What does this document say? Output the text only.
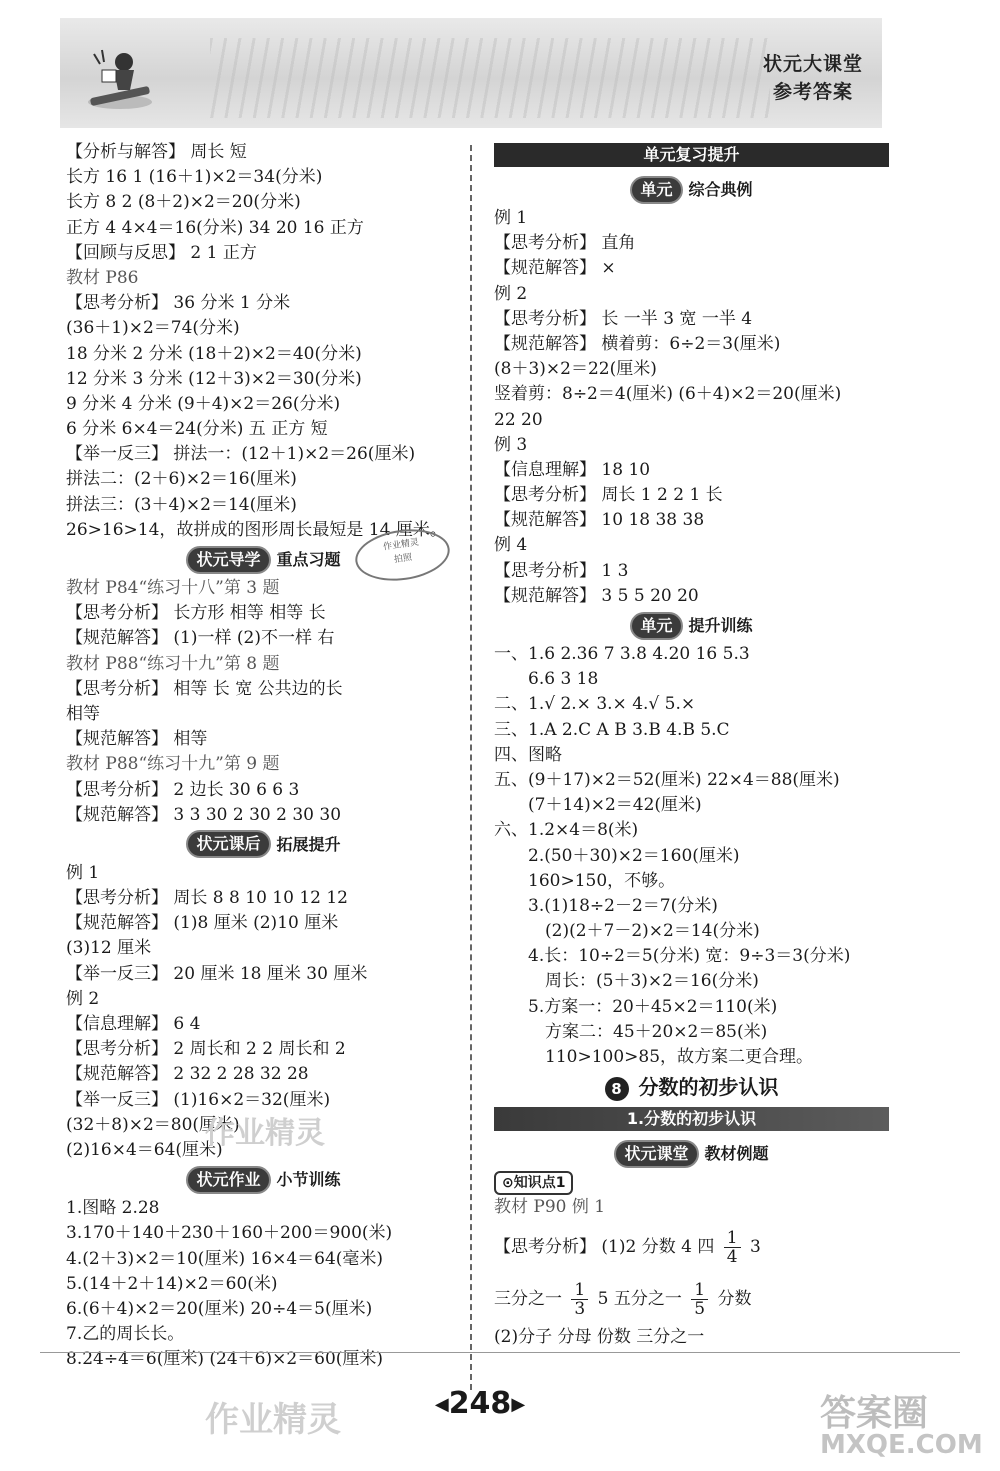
状元大课堂
参考答案
【分析与解答】 周长 短
长方 16 1 (16＋1)×2＝34(分米)
长方 8 2 (8＋2)×2＝20(分米)
正方 4 4×4＝16(分米) 34 20 16 正方
【回顾与反思】 2 1 正方
教材 P86
【思考分析】 36 分米 1 分米
(36＋1)×2＝74(分米)
18 分米 2 分米 (18＋2)×2＝40(分米)
12 分米 3 分米 (12＋3)×2＝30(分米)
9 分米 4 分米 (9＋4)×2＝26(分米)
6 分米 6×4＝24(分米) 五 正方 短
【举一反三】 拼法一：(12＋1)×2＝26(厘米)
拼法二：(2＋6)×2＝16(厘米)
拼法三：(3＋4)×2＝14(厘米)
26>16>14，故拼成的图形周长最短是 14 厘米。
状元导学 重点习题
教材 P84“练习十八”第 3 题
【思考分析】 长方形 相等 相等 长
【规范解答】 (1)一样 (2)不一样 右
教材 P88“练习十九”第 8 题
【思考分析】 相等 长 宽 公共边的长
相等
【规范解答】 相等
教材 P88“练习十九”第 9 题
【思考分析】 2 边长 30 6 6 3
【规范解答】 3 3 30 2 30 2 30 30
状元课后 拓展提升
例 1
【思考分析】 周长 8 8 10 10 12 12
【规范解答】 (1)8 厘米 (2)10 厘米
(3)12 厘米
【举一反三】 20 厘米 18 厘米 30 厘米
例 2
【信息理解】 6 4
【思考分析】 2 周长和 2 2 周长和 2
【规范解答】 2 32 2 28 32 28
【举一反三】 (1)16×2＝32(厘米)
(32＋8)×2＝80(厘米)
(2)16×4＝64(厘米)
状元作业 小节训练
1.图略 2.28
3.170＋140＋230＋160＋200＝900(米)
4.(2＋3)×2＝10(厘米) 16×4＝64(毫米)
5.(14＋2＋14)×2＝60(米)
6.(6＋4)×2＝20(厘米) 20÷4＝5(厘米)
7.乙的周长长。
8.24÷4＝6(厘米) (24＋6)×2＝60(厘米)
作业精灵
拍照
单元复习提升
单元 综合典例
例 1
【思考分析】 直角
【规范解答】 ×
例 2
【思考分析】 长 一半 3 宽 一半 4
【规范解答】 横着剪：6÷2＝3(厘米)
(8＋3)×2＝22(厘米)
竖着剪：8÷2＝4(厘米) (6＋4)×2＝20(厘米)
22 20
例 3
【信息理解】 18 10
【思考分析】 周长 1 2 2 1 长
【规范解答】 10 18 38 38
例 4
【思考分析】 1 3
【规范解答】 3 5 5 20 20
单元 提升训练
一、1.6 2.36 7 3.8 4.20 16 5.3
　　6.6 3 18
二、1.√ 2.× 3.× 4.√ 5.×
三、1.A 2.C A B 3.B 4.B 5.C
四、图略
五、(9＋17)×2＝52(厘米) 22×4＝88(厘米)
　　(7＋14)×2＝42(厘米)
六、1.2×4＝8(米)
　　2.(50＋30)×2＝160(厘米)
　　160>150，不够。
　　3.(1)18÷2－2＝7(分米)
　　　(2)(2＋7－2)×2＝14(分米)
　　4.长：10÷2＝5(分米) 宽：9÷3＝3(分米)
　　　周长：(5＋3)×2＝16(分米)
　　5.方案一：20＋45×2＝110(米)
　　　方案二：45＋20×2＝85(米)
　　　110>100>85，故方案二更合理。
8 分数的初步认识
1.分数的初步认识
状元课堂 教材例题
⊙知识点1
教材 P90 例 1
【思考分析】 (1)2 分数 4 四 $\frac{1}{4} 3$
三分之一 $\frac{1}{3} 5$ 五分之一 $\frac{1}{5}$ 分数
(2)分子 分母 份数 三分之一
◀248▶
作业精灵
作业精灵
答案圈
MXQE.COM
